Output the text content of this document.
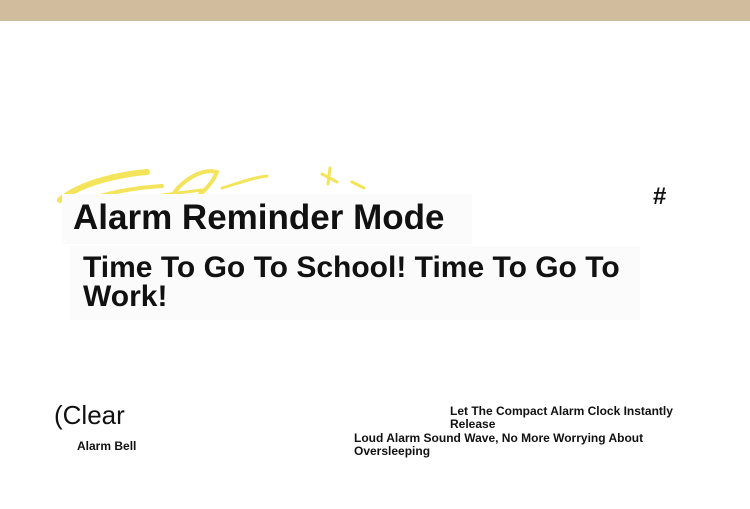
Alarm Reminder Mode
#
Time To Go To School! Time To Go To Work!
(Clear
Alarm Bell
Let The Compact Alarm Clock Instantly Release
Loud Alarm Sound Wave, No More Worrying About Oversleeping
